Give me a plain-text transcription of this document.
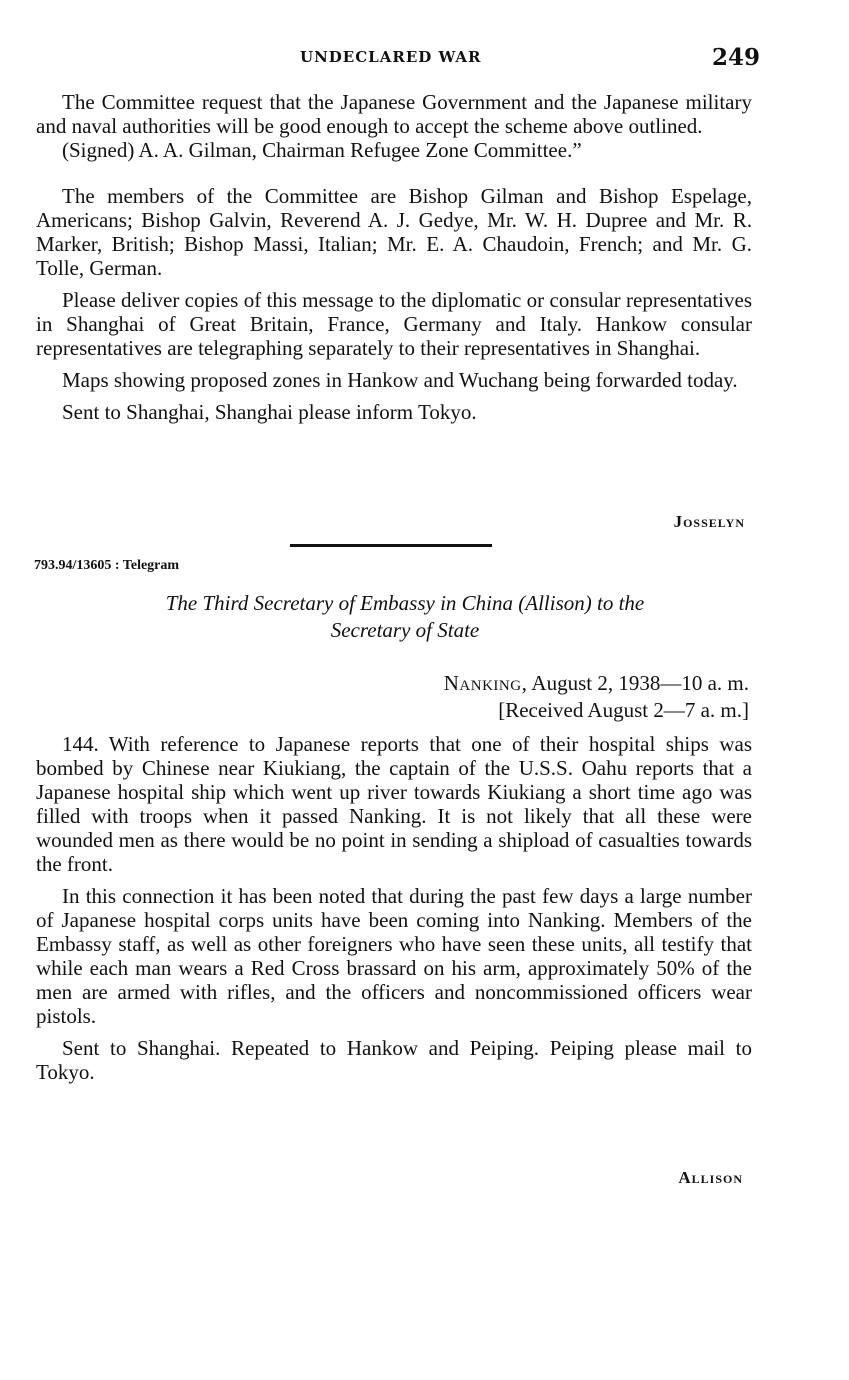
UNDECLARED WAR	249

The Committee request that the Japanese Government and the Japanese military and naval authorities will be good enough to accept the scheme above outlined.

(Signed) A. A. Gilman, Chairman Refugee Zone Committee.”

The members of the Committee are Bishop Gilman and Bishop Espelage, Americans; Bishop Galvin, Reverend A. J. Gedye, Mr. W. H. Dupree and Mr. R. Marker, British; Bishop Massi, Italian; Mr. E. A. Chaudoin, French; and Mr. G. Tolle, German.

Please deliver copies of this message to the diplomatic or consular representatives in Shanghai of Great Britain, France, Germany and Italy. Hankow consular representatives are telegraphing separately to their representatives in Shanghai.

Maps showing proposed zones in Hankow and Wuchang being forwarded today.

Sent to Shanghai, Shanghai please inform Tokyo.

Josselyn
793.94/13605 : Telegram
The Third Secretary of Embassy in China (Allison) to the
Secretary of State
Nanking, August 2, 1938—10 a. m.
[Received August 2—7 a. m.]

144. With reference to Japanese reports that one of their hospital ships was bombed by Chinese near Kiukiang, the captain of the U.S.S. Oahu reports that a Japanese hospital ship which went up river towards Kiukiang a short time ago was filled with troops when it passed Nanking. It is not likely that all these were wounded men as there would be no point in sending a shipload of casualties towards the front.

In this connection it has been noted that during the past few days a large number of Japanese hospital corps units have been coming into Nanking. Members of the Embassy staff, as well as other foreigners who have seen these units, all testify that while each man wears a Red Cross brassard on his arm, approximately 50% of the men are armed with rifles, and the officers and noncommissioned officers wear pistols.

Sent to Shanghai. Repeated to Hankow and Peiping. Peiping please mail to Tokyo.

Allison
